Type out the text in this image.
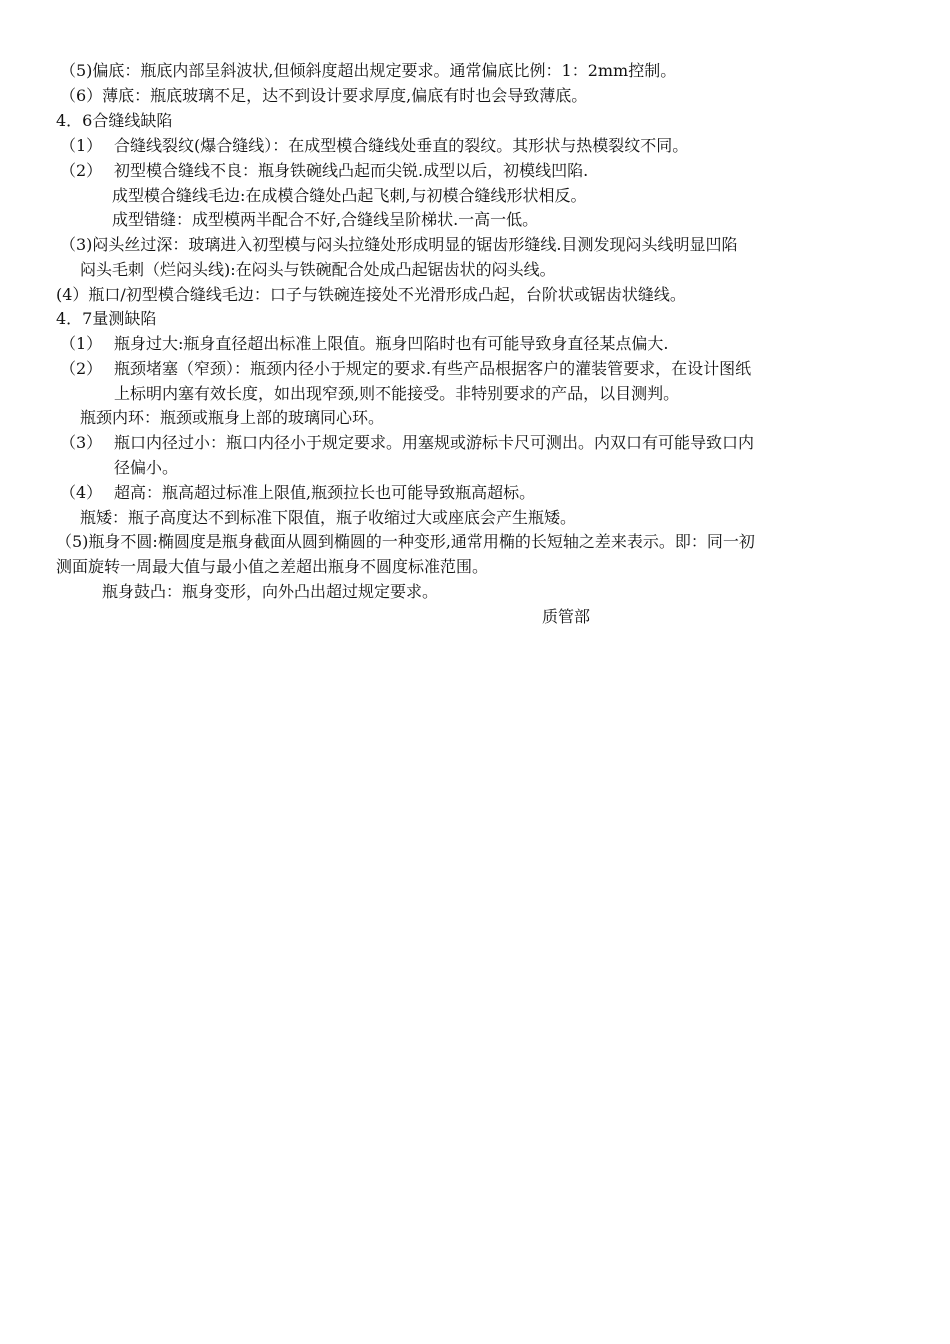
（5)偏底：瓶底内部呈斜波状,但倾斜度超出规定要求。通常偏底比例：1：2mm控制。
（6）薄底：瓶底玻璃不足，达不到设计要求厚度,偏底有时也会导致薄底。
4．6合缝线缺陷
（1） 合缝线裂纹(爆合缝线）：在成型模合缝线处垂直的裂纹。其形状与热模裂纹不同。
（2） 初型模合缝线不良：瓶身铁碗线凸起而尖锐.成型以后，初模线凹陷.
成型模合缝线毛边:在成模合缝处凸起飞刺,与初模合缝线形状相反。
成型错缝：成型模两半配合不好,合缝线呈阶梯状.一高一低。
（3)闷头丝过深：玻璃进入初型模与闷头拉缝处形成明显的锯齿形缝线.目测发现闷头线明显凹陷
闷头毛刺（烂闷头线):在闷头与铁碗配合处成凸起锯齿状的闷头线。
(4）瓶口/初型模合缝线毛边：口子与铁碗连接处不光滑形成凸起，台阶状或锯齿状缝线。
4．7量测缺陷
（1） 瓶身过大:瓶身直径超出标准上限值。瓶身凹陷时也有可能导致身直径某点偏大.
（2） 瓶颈堵塞（窄颈）：瓶颈内径小于规定的要求.有些产品根据客户的灌装管要求，在设计图纸
上标明内塞有效长度，如出现窄颈,则不能接受。非特别要求的产品，以目测判。
瓶颈内环：瓶颈或瓶身上部的玻璃同心环。
（3） 瓶口内径过小：瓶口内径小于规定要求。用塞规或游标卡尺可测出。内双口有可能导致口内
径偏小。
（4） 超高：瓶高超过标准上限值,瓶颈拉长也可能导致瓶高超标。
瓶矮：瓶子高度达不到标准下限值，瓶子收缩过大或座底会产生瓶矮。
（5)瓶身不圆:椭圆度是瓶身截面从圆到椭圆的一种变形,通常用椭的长短轴之差来表示。即：同一初
测面旋转一周最大值与最小值之差超出瓶身不圆度标准范围。
瓶身鼓凸：瓶身变形，向外凸出超过规定要求。
质管部
